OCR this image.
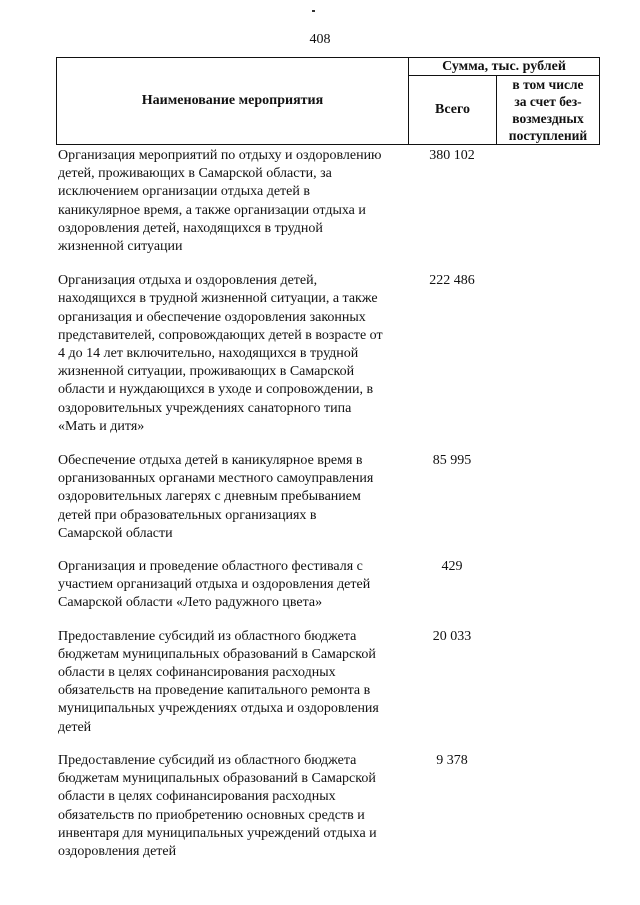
408
Наименование мероприятия
Сумма, тыс. рублей
Всего
в том числе
за счет без-
возмездных
поступлений
Организация мероприятий по отдыху и оздоровлению
детей, проживающих в Самарской области, за
исключением организации отдыха детей в
каникулярное время, а также организации отдыха и
оздоровления детей, находящихся в трудной
жизненной ситуации
380 102
Организация отдыха и оздоровления детей,
находящихся в трудной жизненной ситуации, а также
организация и обеспечение оздоровления законных
представителей, сопровождающих детей в возрасте от
4 до 14 лет включительно, находящихся в трудной
жизненной ситуации, проживающих в Самарской
области и нуждающихся в уходе и сопровождении, в
оздоровительных учреждениях санаторного типа
«Мать и дитя»
222 486
Обеспечение отдыха детей в каникулярное время в
организованных органами местного самоуправления
оздоровительных лагерях с дневным пребыванием
детей при образовательных организациях в
Самарской области
85 995
Организация и проведение областного фестиваля с
участием организаций отдыха и оздоровления детей
Самарской области «Лето радужного цвета»
429
Предоставление субсидий из областного бюджета
бюджетам муниципальных образований в Самарской
области в целях софинансирования расходных
обязательств на проведение капитального ремонта в
муниципальных учреждениях отдыха и оздоровления
детей
20 033
Предоставление субсидий из областного бюджета
бюджетам муниципальных образований в Самарской
области в целях софинансирования расходных
обязательств по приобретению основных средств и
инвентаря для муниципальных учреждений отдыха и
оздоровления детей
9 378
